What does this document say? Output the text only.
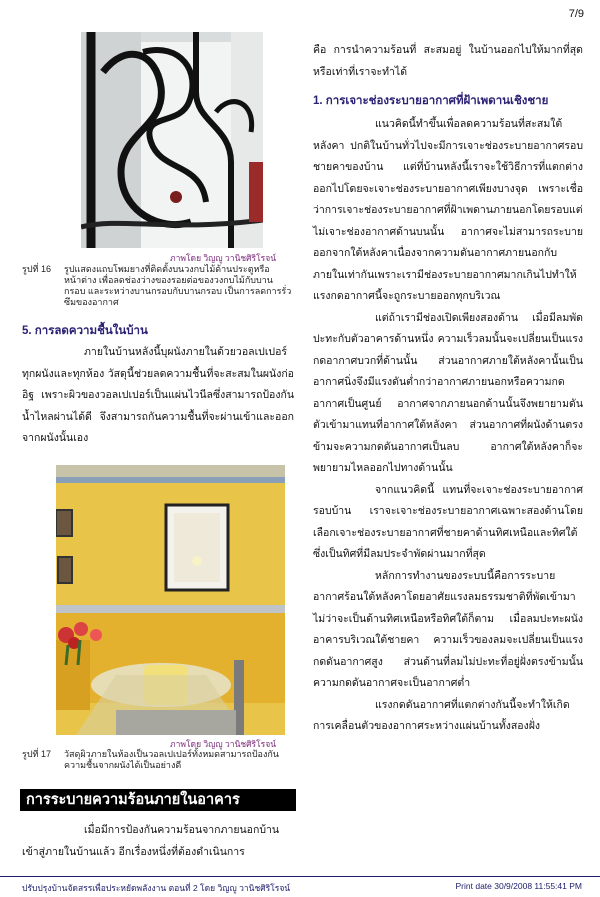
7/9
ภาพโดย วิญญู วานิชศิริโรจน์
รูปที่ 16 รูปแสดงแถบโพมยางที่ติดตั้งบนวงกบไม้ด้านประตูหรือหน้าต่าง เพื่อลดช่องว่างของรอยต่อของวงกบไม้กับบานกรอบ และระหว่างบานกรอบกับบานกรอบ เป็นการลดการรั่วซึมของอากาศ
5. การลดความชื้นในบ้าน

ภายในบ้านหลังนี้บุผนังภายในด้วยวอลเปเปอร์ทุกผนังและทุกห้อง วัสดุนี้ช่วยลดความชื้นที่จะสะสมในผนังก่ออิฐ เพราะผิวของวอลเปเปอร์เป็นแผ่นไวนีลซึ่งสามารถป้องกันน้ำไหลผ่านได้ดี จึงสามารถกันความชื้นที่จะผ่านเข้าและออกจากผนังนั้นเอง

ภาพโดย วิญญู วานิชศิริโรจน์
รูปที่ 17 วัสดุผิวภายในห้องเป็นวอลเปเปอร์ทั้งหมดสามารถป้องกันความชื้นจากผนังได้เป็นอย่างดี
การระบายความร้อนภายในอาคาร

เมื่อมีการป้องกันความร้อนจากภายนอกบ้านเข้าสู่ภายในบ้านแล้ว อีกเรื่องหนึ่งที่ต้องดำเนินการ

คือ การนำความร้อนที่ สะสมอยู่ ในบ้านออกไปให้มากที่สุด หรือเท่าที่เราจะทำได้

1. การเจาะช่องระบายอากาศที่ฝ้าเพดานเชิงชาย

แนวคิดนี้ทำขึ้นเพื่อลดความร้อนที่สะสมใต้หลังคา ปกติในบ้านทั่วไปจะมีการเจาะช่องระบายอากาศรอบชายคาของบ้าน แต่ที่บ้านหลังนี้เราจะใช้วิธีการที่แตกต่างออกไปโดยจะเจาะช่องระบายอากาศเพียงบางจุด เพราะเชื่อว่าการเจาะช่องระบายอากาศที่ฝ้าเพดานภายนอกโดยรอบแต่ไม่เจาะช่องอากาศด้านบนนั้น อากาศจะไม่สามารถระบายออกจากใต้หลังคาเนื่องจากความดันอากาศภายนอกกับภายในเท่ากันเพราะเรามีช่องระบายอากาศมากเกินไปทำให้แรงกดอากาศนี้จะถูกระบายออกทุกบริเวณ

แต่ถ้าเรามีช่องเปิดเพียงสองด้าน เมื่อมีลมพัดปะทะกับตัวอาคารด้านหนึ่ง ความเร็วลมนั้นจะเปลี่ยนเป็นแรงกดอากาศบวกที่ด้านนั้น ส่วนอากาศภายใต้หลังคานั้นเป็นอากาศนิ่งจึงมีแรงดันต่ำกว่าอากาศภายนอกหรือความกดอากาศเป็นศูนย์ อากาศจากภายนอกด้านนั้นจึงพยายามดันตัวเข้ามาแทนที่อากาศใต้หลังคา ส่วนอากาศที่ผนังด้านตรงข้ามจะความกดดันอากาศเป็นลบ อากาศใต้หลังคาก็จะพยายามไหลออกไปทางด้านนั้น

จากแนวคิดนี้ แทนที่จะเจาะช่องระบายอากาศรอบบ้าน เราจะเจาะช่องระบายอากาศเฉพาะสองด้านโดยเลือกเจาะช่องระบายอากาศที่ชายคาด้านทิศเหนือและทิศใต้ซึ่งเป็นทิศที่มีลมประจำพัดผ่านมากที่สุด

หลักการทำงานของระบบนี้คือการระบายอากาศร้อนใต้หลังคาโดยอาศัยแรงลมธรรมชาติที่พัดเข้ามาไม่ว่าจะเป็นด้านทิศเหนือหรือทิศใต้ก็ตาม เมื่อลมปะทะผนังอาคารบริเวณใต้ชายคา ความเร็วของลมจะเปลี่ยนเป็นแรงกดดันอากาศสูง ส่วนด้านที่ลมไม่ปะทะที่อยู่ฝั่งตรงข้ามนั้นความกดดันอากาศจะเป็นอากาศต่ำ

แรงกดดันอากาศที่แตกต่างกันนี้จะทำให้เกิดการเคลื่อนตัวของอากาศระหว่างแผ่นบ้านทั้งสองฝั่ง

ปรับปรุงบ้านจัดสรรเพื่อประหยัดพลังงาน ตอนที่ 2 โดย วิญญู วานิชศิริโรจน์	Print date 30/9/2008 11:55:41 PM
